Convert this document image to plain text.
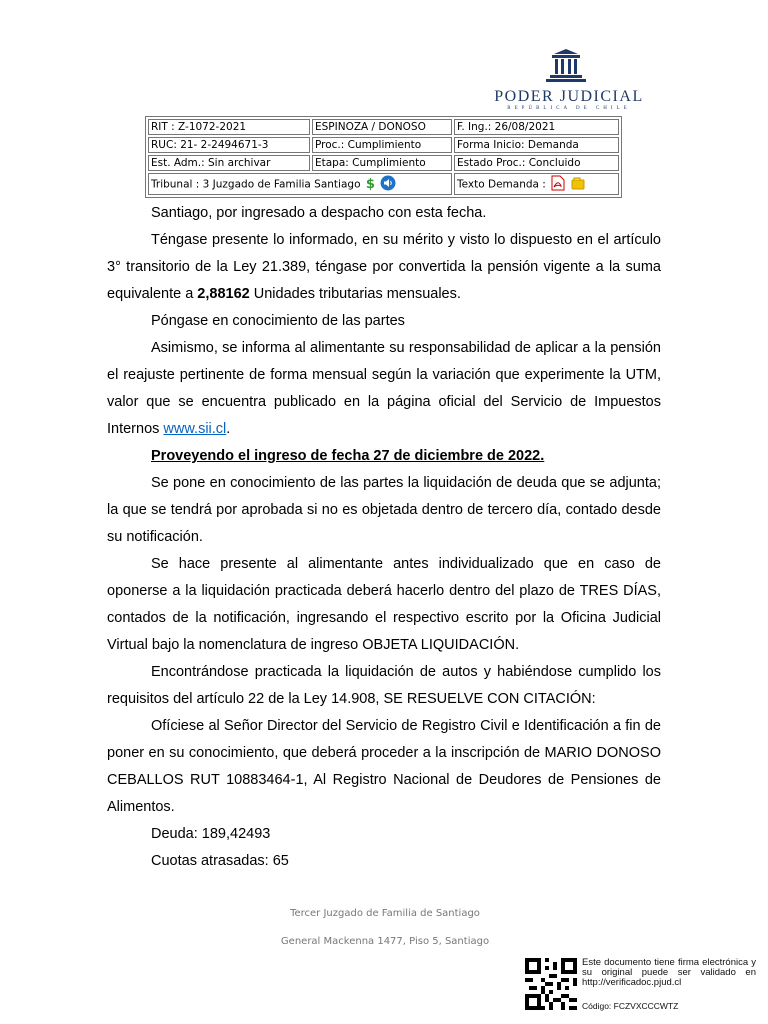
PODER JUDICIAL
REPÚBLICA DE CHILE
RIT : Z-1072-2021	ESPINOZA / DONOSO	F. Ing.: 26/08/2021
RUC: 21- 2-2494671-3	Proc.: Cumplimiento	Forma Inicio: Demanda
Est. Adm.: Sin archivar	Etapa: Cumplimiento	Estado Proc.: Concluido
Tribunal : 3 Juzgado de Familia Santiago $		Texto Demanda :

Santiago, por ingresado a despacho con esta fecha.

Téngase presente lo informado, en su mérito y visto lo dispuesto en el artículo 3° transitorio de la Ley 21.389, téngase por convertida la pensión vigente a la suma equivalente a 2,88162 Unidades tributarias mensuales.

Póngase en conocimiento de las partes

Asimismo, se informa al alimentante su responsabilidad de aplicar a la pensión el reajuste pertinente de forma mensual según la variación que experimente la UTM, valor que se encuentra publicado en la página oficial del Servicio de Impuestos Internos www.sii.cl.

Proveyendo el ingreso de fecha 27 de diciembre de 2022.

Se pone en conocimiento de las partes la liquidación de deuda que se adjunta; la que se tendrá por aprobada si no es objetada dentro de tercero día, contado desde su notificación.

Se hace presente al alimentante antes individualizado que en caso de oponerse a la liquidación practicada deberá hacerlo dentro del plazo de TRES DÍAS, contados de la notificación, ingresando el respectivo escrito por la Oficina Judicial Virtual bajo la nomenclatura de ingreso OBJETA LIQUIDACIÓN.

Encontrándose practicada la liquidación de autos y habiéndose cumplido los requisitos del artículo 22 de la Ley 14.908, SE RESUELVE CON CITACIÓN:

Ofíciese al Señor Director del Servicio de Registro Civil e Identificación a fin de poner en su conocimiento, que deberá proceder a la inscripción de MARIO DONOSO CEBALLOS RUT 10883464-1, Al Registro Nacional de Deudores de Pensiones de Alimentos.

Deuda: 189,42493

Cuotas atrasadas: 65

Tercer Juzgado de Familia de Santiago
General Mackenna 1477, Piso 5, Santiago
Este documento tiene firma electrónica y su original puede ser validado en http://verificadoc.pjud.cl
Código: FCZVXCCCWTZ
